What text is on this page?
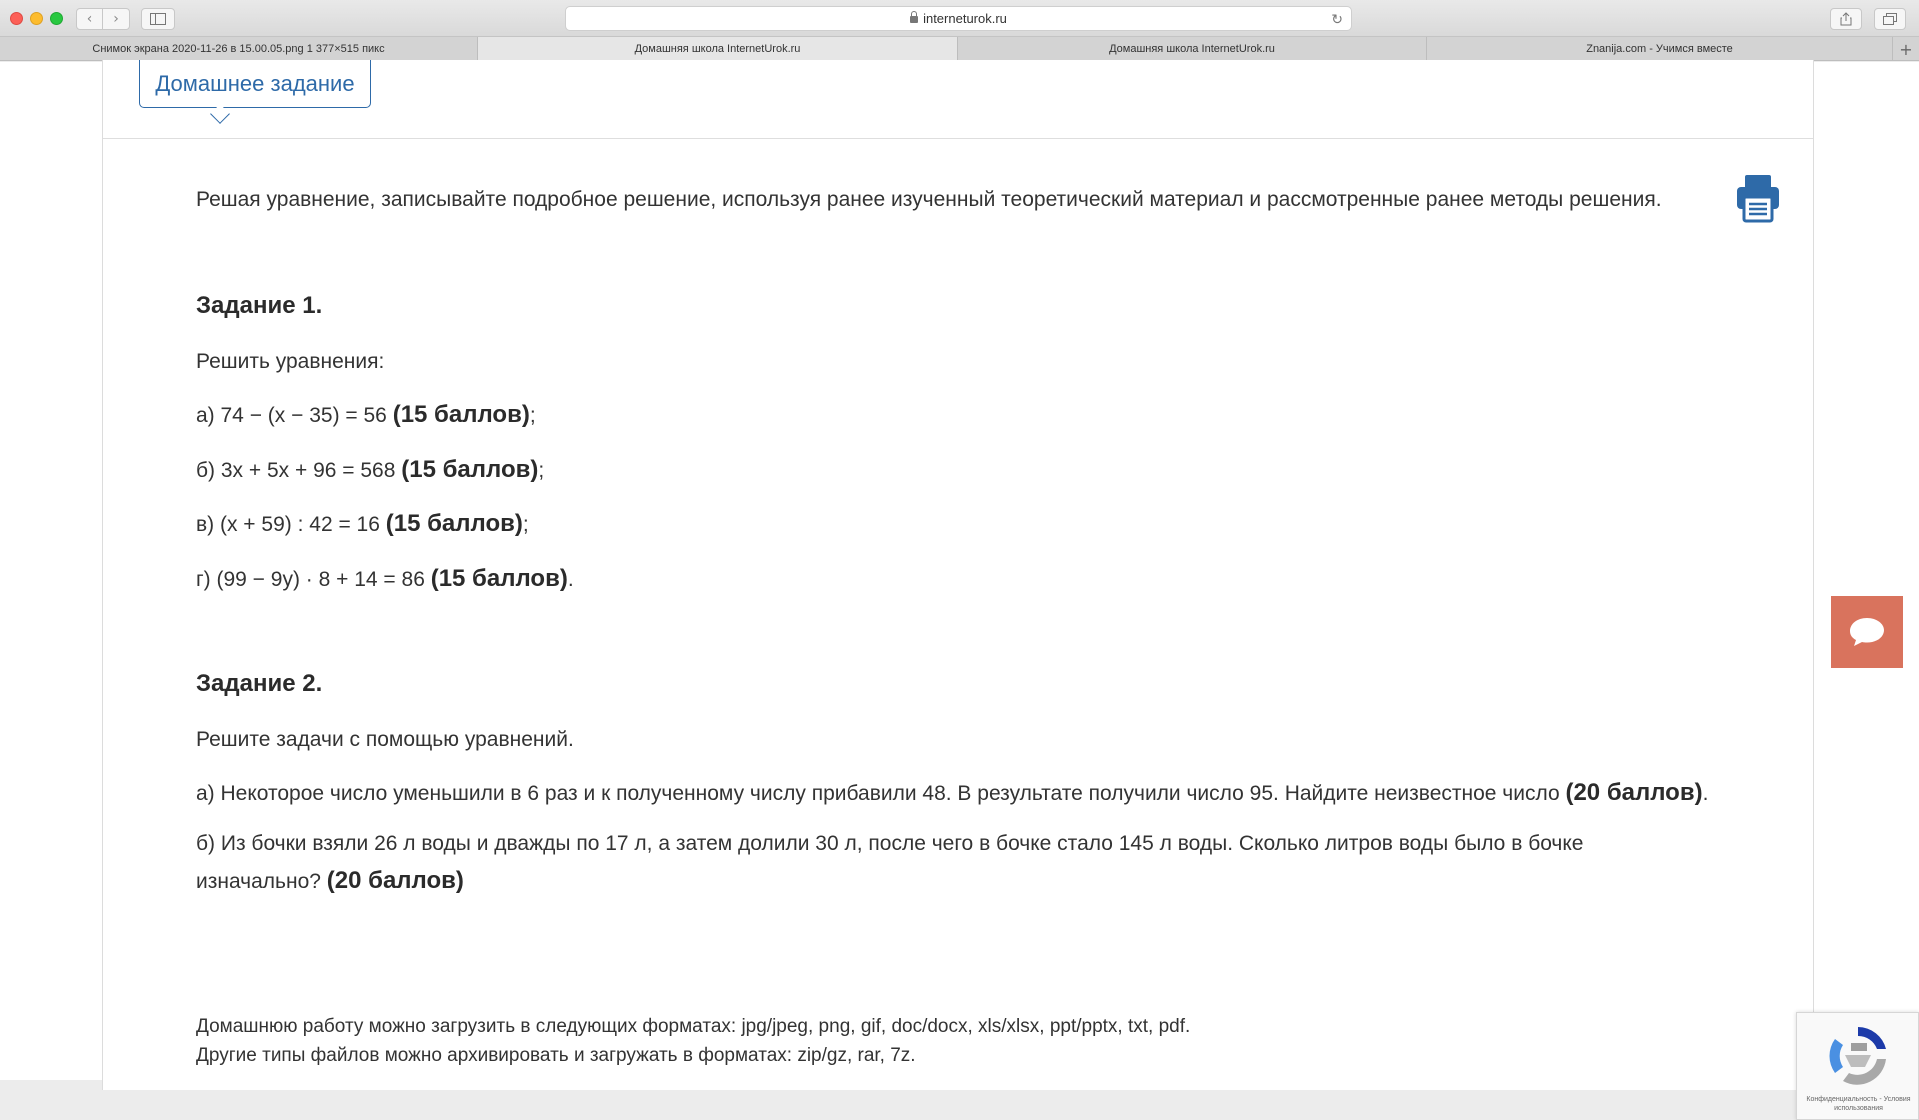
‹ ›	interneturok.ru	↻
Снимок экрана 2020-11-26 в 15.00.05.png 1 377×515 пикс	Домашняя школа InternetUrok.ru	Домашняя школа InternetUrok.ru	Znanija.com - Учимся вместе	+
Домашнее задание
Решая уравнение, записывайте подробное решение, используя ранее изученный теоретический материал и рассмотренные ранее методы решения.
Задание 1.
Решить уравнения:
а) 74 − (х − 35) = 56 (15 баллов);
б) 3х + 5х + 96 = 568 (15 баллов);
в) (х + 59) : 42 = 16 (15 баллов);
г) (99 − 9у) · 8 + 14 = 86 (15 баллов).
Задание 2.
Решите задачи с помощью уравнений.
а) Некоторое число уменьшили в 6 раз и к полученному числу прибавили 48. В результате получили число 95. Найдите неизвестное число (20 баллов).
б) Из бочки взяли 26 л воды и дважды по 17 л, а затем долили 30 л, после чего в бочке стало 145 л воды. Сколько литров воды было в бочке
изначально? (20 баллов)
Домашнюю работу можно загрузить в следующих форматах: jpg/jpeg, png, gif, doc/docx, xls/xlsx, ppt/pptx, txt, pdf.
Другие типы файлов можно архивировать и загружать в форматах: zip/gz, rar, 7z.
Конфиденциальность - Условия использования
